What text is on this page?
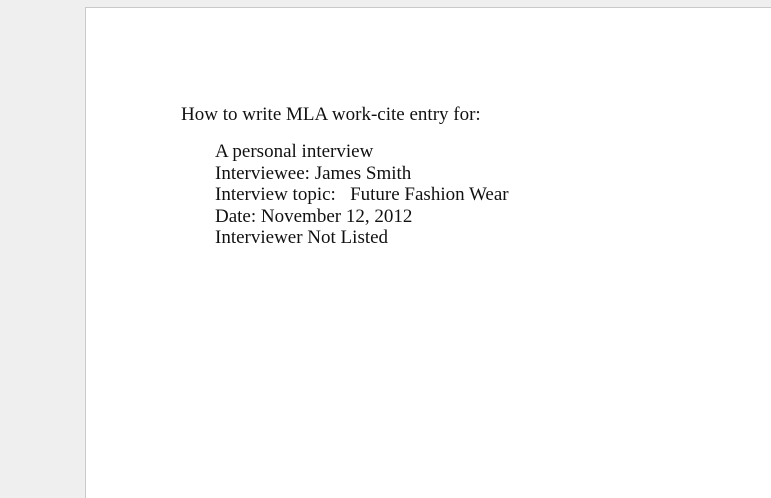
How to write MLA work-cite entry for:
A personal interview
Interviewee: James Smith
Interview topic:   Future Fashion Wear
Date: November 12, 2012
Interviewer Not Listed
